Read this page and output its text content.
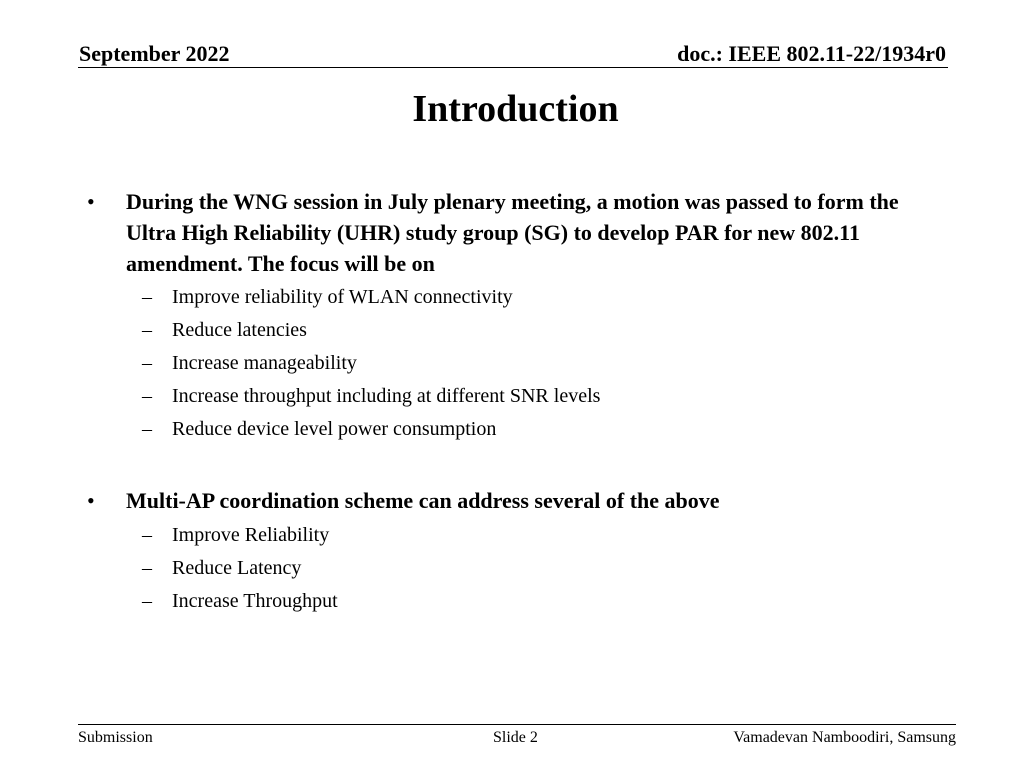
September 2022	doc.: IEEE 802.11-22/1934r0
Introduction
• During the WNG session in July plenary meeting, a motion was passed to form the Ultra High Reliability (UHR) study group (SG) to develop PAR for new 802.11 amendment. The focus will be on
– Improve reliability of WLAN connectivity
– Reduce latencies
– Increase manageability
– Increase throughput including at different SNR levels
– Reduce device level power consumption
• Multi-AP coordination scheme can address several of the above
– Improve Reliability
– Reduce Latency
– Increase Throughput
Submission	Slide 2	Vamadevan Namboodiri, Samsung
